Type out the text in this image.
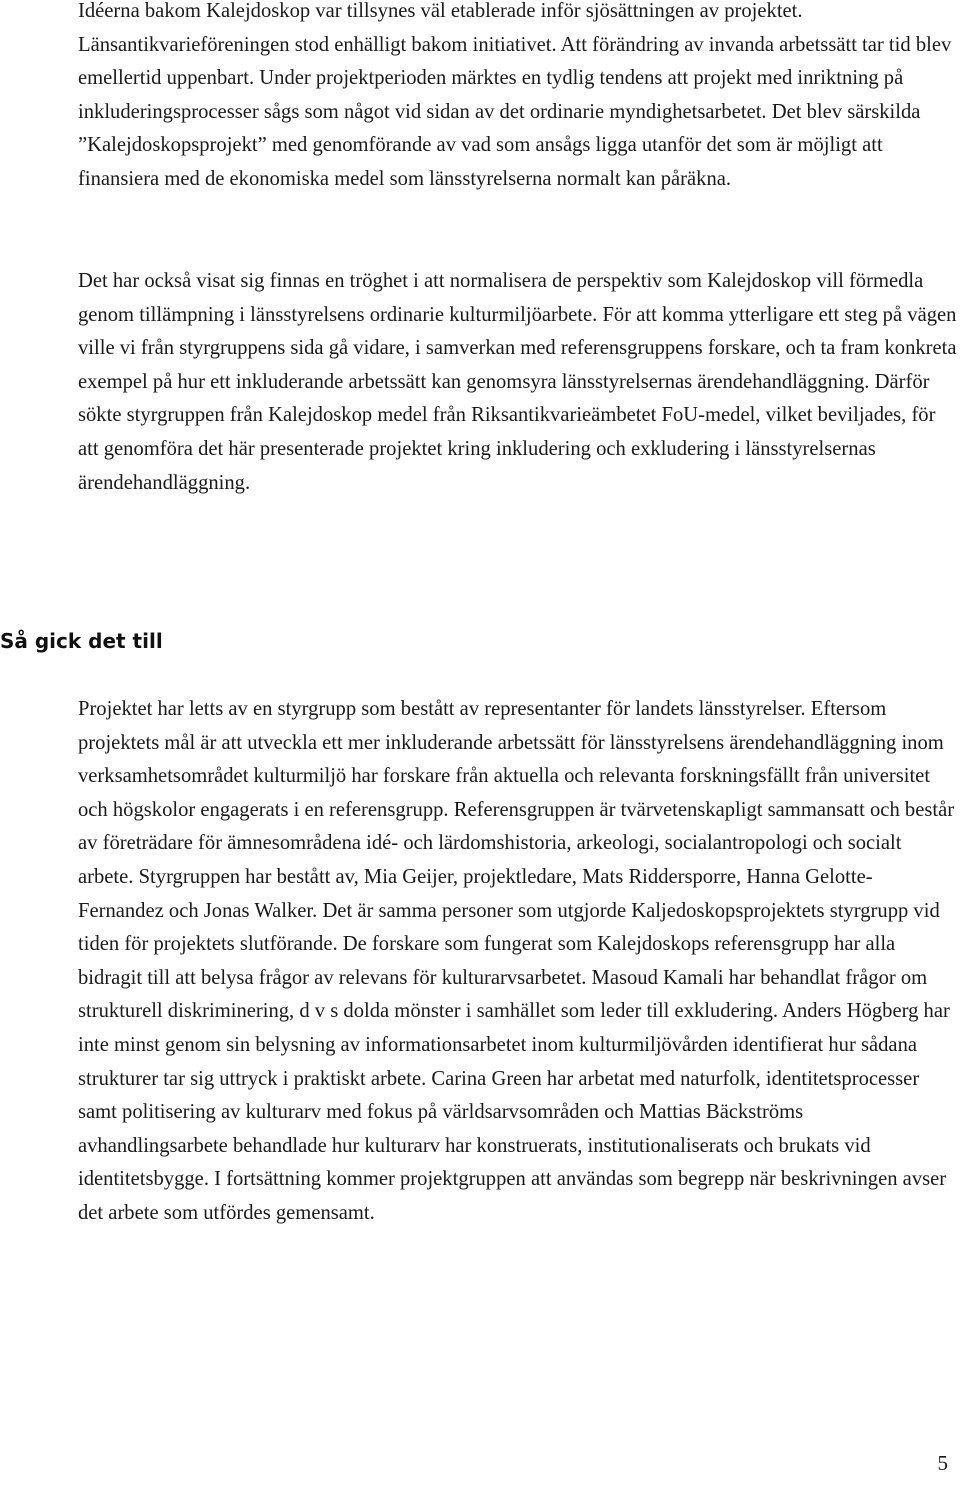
Idéerna bakom Kalejdoskop var tillsynes väl etablerade inför sjösättningen av projektet. Länsantikvarieföreningen stod enhälligt bakom initiativet. Att förändring av invanda arbetssätt tar tid blev emellertid uppenbart. Under projektperioden märktes en tydlig tendens att projekt med inriktning på inkluderingsprocesser sågs som något vid sidan av det ordinarie myndighetsarbetet. Det blev särskilda ”Kalejdoskopsprojekt” med genomförande av vad som ansågs ligga utanför det som är möjligt att finansiera med de ekonomiska medel som länsstyrelserna normalt kan påräkna.

Det har också visat sig finnas en tröghet i att normalisera de perspektiv som Kalejdoskop vill förmedla genom tillämpning i länsstyrelsens ordinarie kulturmiljöarbete. För att komma ytterligare ett steg på vägen ville vi från styrgruppens sida gå vidare, i samverkan med referensgruppens forskare, och ta fram konkreta exempel på hur ett inkluderande arbetssätt kan genomsyra länsstyrelsernas ärendehandläggning. Därför sökte styrgruppen från Kalejdoskop medel från Riksantikvarieämbetet FoU-medel, vilket beviljades, för att genomföra det här presenterade projektet kring inkludering och exkludering i länsstyrelsernas ärendehandläggning.

Så gick det till

Projektet har letts av en styrgrupp som bestått av representanter för landets länsstyrelser. Eftersom projektets mål är att utveckla ett mer inkluderande arbetssätt för länsstyrelsens ärendehandläggning inom verksamhetsområdet kulturmiljö har forskare från aktuella och relevanta forskningsfällt från universitet och högskolor engagerats i en referensgrupp. Referensgruppen är tvärvetenskapligt sammansatt och består av företrädare för ämnesområdena idé- och lärdomshistoria, arkeologi, socialantropologi och socialt arbete. Styrgruppen har bestått av, Mia Geijer, projektledare, Mats Riddersporre, Hanna Gelotte-Fernandez och Jonas Walker. Det är samma personer som utgjorde Kaljedoskopsprojektets styrgrupp vid tiden för projektets slutförande. De forskare som fungerat som Kalejdoskops referensgrupp har alla bidragit till att belysa frågor av relevans för kulturarvsarbetet. Masoud Kamali har behandlat frågor om strukturell diskriminering, d v s dolda mönster i samhället som leder till exkludering. Anders Högberg har inte minst genom sin belysning av informationsarbetet inom kulturmiljövården identifierat hur sådana strukturer tar sig uttryck i praktiskt arbete. Carina Green har arbetat med naturfolk, identitetsprocesser samt politisering av kulturarv med fokus på världsarvsområden och Mattias Bäckströms avhandlingsarbete behandlade hur kulturarv har konstruerats, institutionaliserats och brukats vid identitetsbygge. I fortsättning kommer projektgruppen att användas som begrepp när beskrivningen avser det arbete som utfördes gemensamt.

5
